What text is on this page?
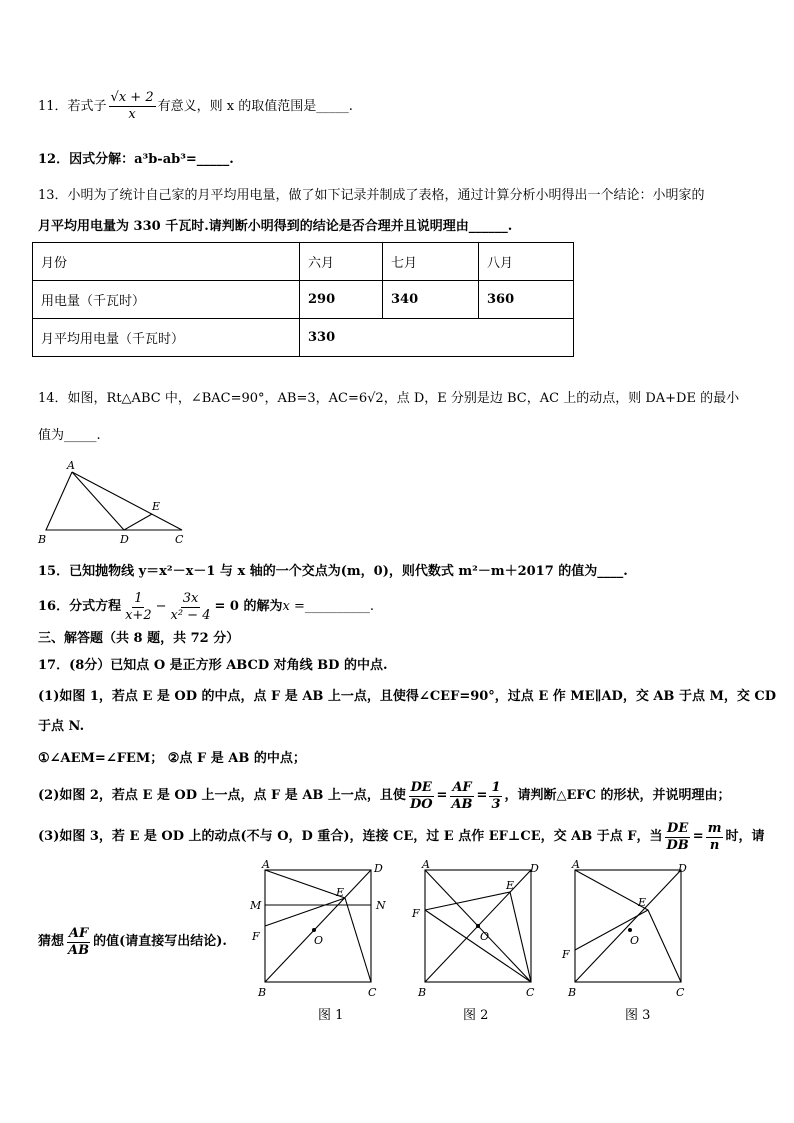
11．若式子 $\frac{√x + 2}{x}$ 有意义，则 x 的取值范围是_____.
12．因式分解：a³b-ab³=_____.
13．小明为了统计自己家的月平均用电量，做了如下记录并制成了表格，通过计算分析小明得出一个结论：小明家的
月平均用电量为 330 千瓦时.请判断小明得到的结论是否合理并且说明理由______.
月份	六月	七月	八月
用电量（千瓦时）	290	340	360
月平均用电量（千瓦时）	330		
14．如图，Rt△ABC 中，∠BAC=90°，AB=3，AC=6√2，点 D，E 分别是边 BC，AC 上的动点，则 DA+DE 的最小
值为_____.
A
B	D	C
E
15．已知抛物线 y＝x²－x－1 与 x 轴的一个交点为(m，0)，则代数式 m²－m＋2017 的值为____.
16．分式方程 $\frac{1}{x+2} - \frac{3x}{\text{x² − 4}} = 0$ 的解为 x = __________ .
三、解答题（共 8 题，共 72 分）
17．(8分）已知点 O 是正方形 ABCD 对角线 BD 的中点.
(1)如图 1，若点 E 是 OD 的中点，点 F 是 AB 上一点，且使得∠CEF=90°，过点 E 作 ME∥AD，交 AB 于点 M，交 CD
于点 N.
①∠AEM=∠FEM； ②点 F 是 AB 的中点；
(2)如图 2，若点 E 是 OD 上一点，点 F 是 AB 上一点，且使 $\frac{DE}{DO} = \frac{AF}{AB} = \frac{1}{3}$ ，请判断△EFC 的形状，并说明理由；
(3)如图 3，若 E 是 OD 上的动点(不与 O，D 重合)，连接 CE，过 E 点作 EF⊥CE，交 AB 于点 F，当 $\frac{DE}{DB} = \frac{m}{n}$ 时，请
猜想 $\frac{AF}{AB}$ 的值(请直接写出结论).
A	D
M	N
E
F	O
B	C
A	D
E
F
O
B	C
A	D
E
F
O
B	C
图 1	图 2	图 3
